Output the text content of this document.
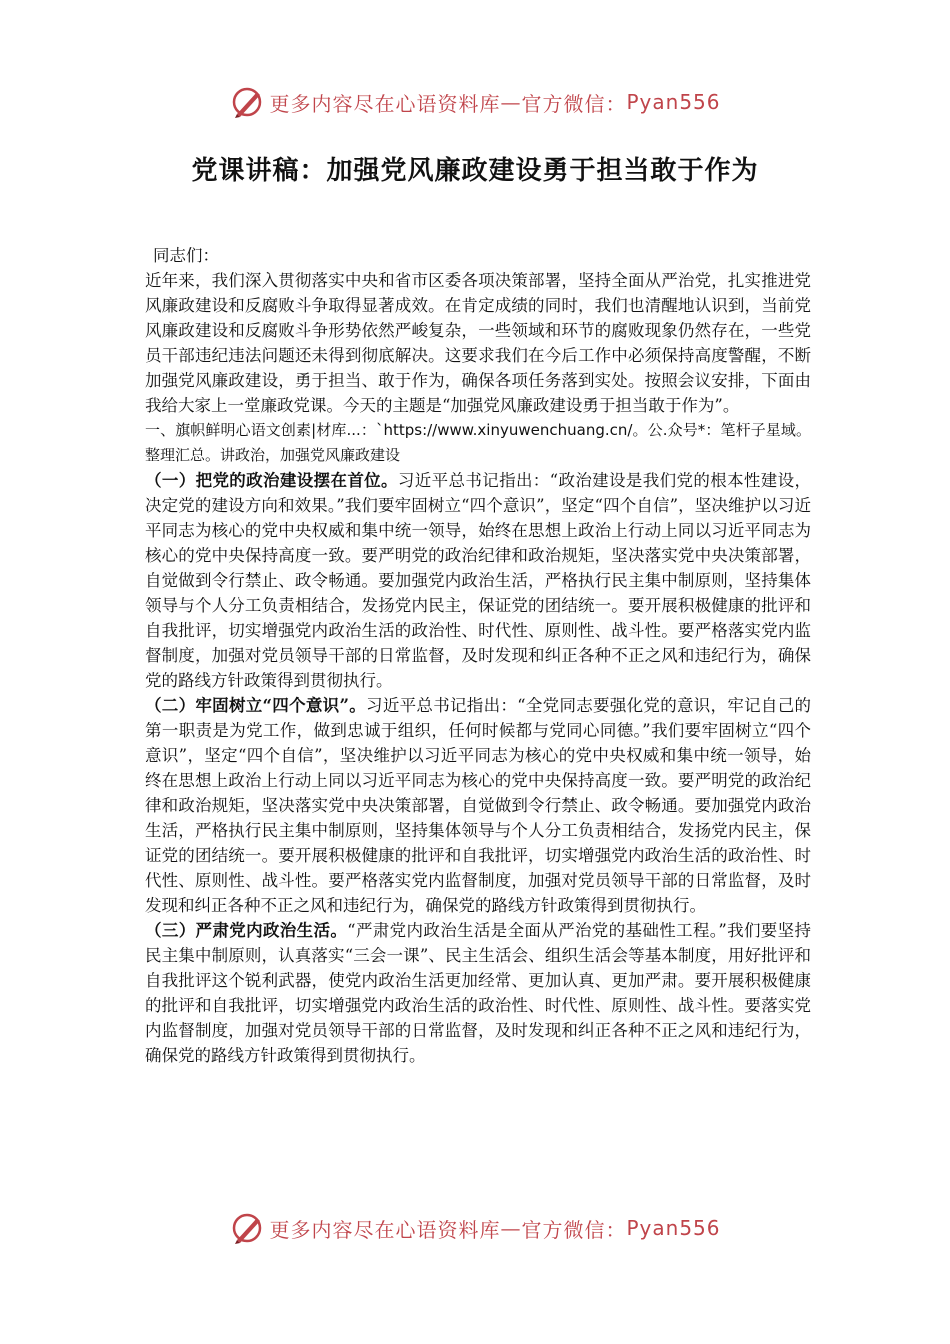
更多内容尽在心语资料库 — 官方微信： Pyan556
党课讲稿：加强党风廉政建设勇于担当敢于作为

同志们：

近年来，我们深入贯彻落实中央和省市区委各项决策部署，坚持全面从严治党，扎实推进党风廉政建设和反腐败斗争取得显著成效。在肯定成绩的同时，我们也清醒地认识到，当前党风廉政建设和反腐败斗争形势依然严峻复杂，一些领域和环节的腐败现象仍然存在，一些党员干部违纪违法问题还未得到彻底解决。这要求我们在今后工作中必须保持高度警醒，不断加强党风廉政建设，勇于担当、敢于作为，确保各项任务落到实处。按照会议安排，下面由我给大家上一堂廉政党课。今天的主题是“加强党风廉政建设勇于担当敢于作为”。

一、旗帜鲜明心语文创素|材库...：`https://www.xinyuwenchuang.cn/。公.众号*：笔杆子星域。整理汇总。讲政治，加强党风廉政建设

（一）把党的政治建设摆在首位。习近平总书记指出：“政治建设是我们党的根本性建设，决定党的建设方向和效果。”我们要牢固树立“四个意识”，坚定“四个自信”，坚决维护以习近平同志为核心的党中央权威和集中统一领导，始终在思想上政治上行动上同以习近平同志为核心的党中央保持高度一致。要严明党的政治纪律和政治规矩，坚决落实党中央决策部署，自觉做到令行禁止、政令畅通。要加强党内政治生活，严格执行民主集中制原则，坚持集体领导与个人分工负责相结合，发扬党内民主，保证党的团结统一。要开展积极健康的批评和自我批评，切实增强党内政治生活的政治性、时代性、原则性、战斗性。要严格落实党内监督制度，加强对党员领导干部的日常监督，及时发现和纠正各种不正之风和违纪行为，确保党的路线方针政策得到贯彻执行。

（二）牢固树立“四个意识”。习近平总书记指出：“全党同志要强化党的意识，牢记自己的第一职责是为党工作，做到忠诚于组织，任何时候都与党同心同德。”我们要牢固树立“四个意识”，坚定“四个自信”，坚决维护以习近平同志为核心的党中央权威和集中统一领导，始终在思想上政治上行动上同以习近平同志为核心的党中央保持高度一致。要严明党的政治纪律和政治规矩，坚决落实党中央决策部署，自觉做到令行禁止、政令畅通。要加强党内政治生活，严格执行民主集中制原则，坚持集体领导与个人分工负责相结合，发扬党内民主，保证党的团结统一。要开展积极健康的批评和自我批评，切实增强党内政治生活的政治性、时代性、原则性、战斗性。要严格落实党内监督制度，加强对党员领导干部的日常监督，及时发现和纠正各种不正之风和违纪行为，确保党的路线方针政策得到贯彻执行。

（三）严肃党内政治生活。“严肃党内政治生活是全面从严治党的基础性工程。”我们要坚持民主集中制原则，认真落实“三会一课”、民主生活会、组织生活会等基本制度，用好批评和自我批评这个锐利武器，使党内政治生活更加经常、更加认真、更加严肃。要开展积极健康的批评和自我批评，切实增强党内政治生活的政治性、时代性、原则性、战斗性。要落实党内监督制度，加强对党员领导干部的日常监督，及时发现和纠正各种不正之风和违纪行为，确保党的路线方针政策得到贯彻执行。

更多内容尽在心语资料库 — 官方微信： Pyan556
